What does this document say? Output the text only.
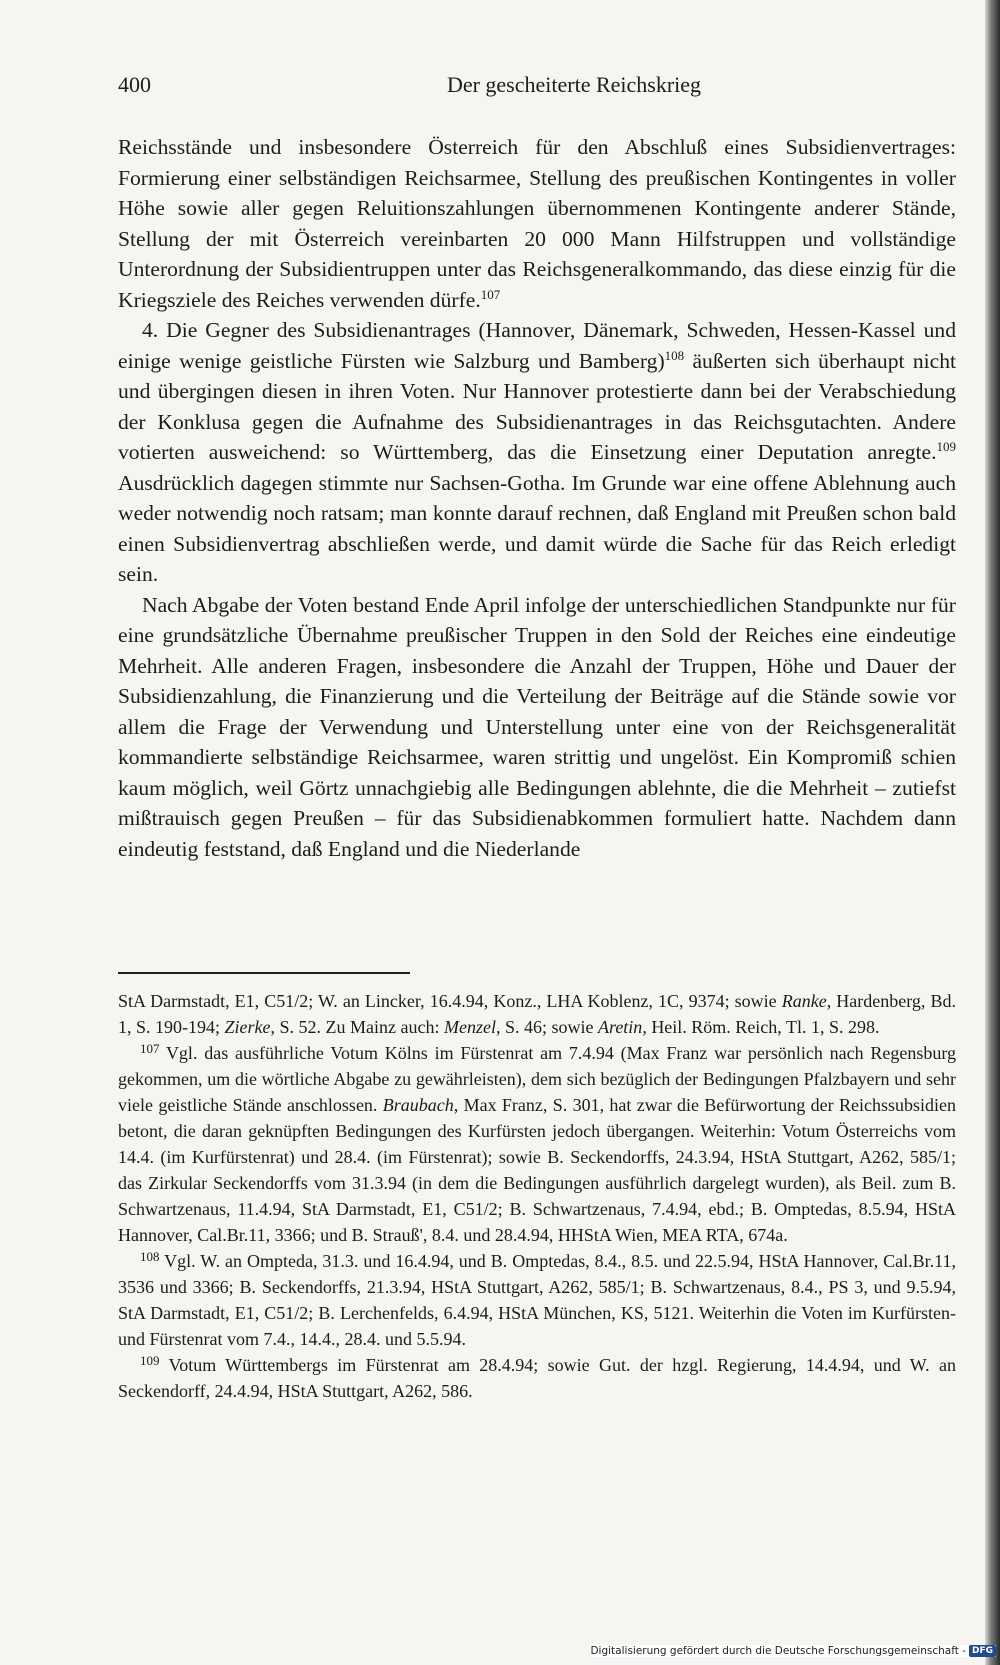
400	Der gescheiterte Reichskrieg

Reichsstände und insbesondere Österreich für den Abschluß eines Subsidienvertrages: Formierung einer selbständigen Reichsarmee, Stellung des preußischen Kontingentes in voller Höhe sowie aller gegen Reluitionszahlungen übernommenen Kontingente anderer Stände, Stellung der mit Österreich vereinbarten 20 000 Mann Hilfstruppen und vollständige Unterordnung der Subsidientruppen unter das Reichsgeneralkommando, das diese einzig für die Kriegsziele des Reiches verwenden dürfe.$^{107}$

4. Die Gegner des Subsidienantrages (Hannover, Dänemark, Schweden, Hessen-Kassel und einige wenige geistliche Fürsten wie Salzburg und Bamberg)$^{108}$ äußerten sich überhaupt nicht und übergingen diesen in ihren Voten. Nur Hannover protestierte dann bei der Verabschiedung der Konklusa gegen die Aufnahme des Subsidienantrages in das Reichsgutachten. Andere votierten ausweichend: so Württemberg, das die Einsetzung einer Deputation anregte.$^{109}$ Ausdrücklich dagegen stimmte nur Sachsen-Gotha. Im Grunde war eine offene Ablehnung auch weder notwendig noch ratsam; man konnte darauf rechnen, daß England mit Preußen schon bald einen Subsidienvertrag abschließen werde, und damit würde die Sache für das Reich erledigt sein.

Nach Abgabe der Voten bestand Ende April infolge der unterschiedlichen Standpunkte nur für eine grundsätzliche Übernahme preußischer Truppen in den Sold der Reiches eine eindeutige Mehrheit. Alle anderen Fragen, insbesondere die Anzahl der Truppen, Höhe und Dauer der Subsidienzahlung, die Finanzierung und die Verteilung der Beiträge auf die Stände sowie vor allem die Frage der Verwendung und Unterstellung unter eine von der Reichsgeneralität kommandierte selbständige Reichsarmee, waren strittig und ungelöst. Ein Kompromiß schien kaum möglich, weil Görtz unnachgiebig alle Bedingungen ablehnte, die die Mehrheit – zutiefst mißtrauisch gegen Preußen – für das Subsidienabkommen formuliert hatte. Nachdem dann eindeutig feststand, daß England und die Niederlande

StA Darmstadt, E1, C51/2; W. an Lincker, 16.4.94, Konz., LHA Koblenz, 1C, 9374; sowie Ranke, Hardenberg, Bd. 1, S. 190-194; Zierke, S. 52. Zu Mainz auch: Menzel, S. 46; sowie Aretin, Heil. Röm. Reich, Tl. 1, S. 298.

$^{107}$ Vgl. das ausführliche Votum Kölns im Fürstenrat am 7.4.94 (Max Franz war persönlich nach Regensburg gekommen, um die wörtliche Abgabe zu gewährleisten), dem sich bezüglich der Bedingungen Pfalzbayern und sehr viele geistliche Stände anschlossen. Braubach, Max Franz, S. 301, hat zwar die Befürwortung der Reichssubsidien betont, die daran geknüpften Bedingungen des Kurfürsten jedoch übergangen. Weiterhin: Votum Österreichs vom 14.4. (im Kurfürstenrat) und 28.4. (im Fürstenrat); sowie B. Seckendorffs, 24.3.94, HStA Stuttgart, A262, 585/1; das Zirkular Seckendorffs vom 31.3.94 (in dem die Bedingungen ausführlich dargelegt wurden), als Beil. zum B. Schwartzenaus, 11.4.94, StA Darmstadt, E1, C51/2; B. Schwartzenaus, 7.4.94, ebd.; B. Omptedas, 8.5.94, HStA Hannover, Cal.Br.11, 3366; und B. Strauß', 8.4. und 28.4.94, HHStA Wien, MEA RTA, 674a.

$^{108}$ Vgl. W. an Ompteda, 31.3. und 16.4.94, und B. Omptedas, 8.4., 8.5. und 22.5.94, HStA Hannover, Cal.Br.11, 3536 und 3366; B. Seckendorffs, 21.3.94, HStA Stuttgart, A262, 585/1; B. Schwartzenaus, 8.4., PS 3, und 9.5.94, StA Darmstadt, E1, C51/2; B. Lerchenfelds, 6.4.94, HStA München, KS, 5121. Weiterhin die Voten im Kurfürsten- und Fürstenrat vom 7.4., 14.4., 28.4. und 5.5.94.

$^{109}$ Votum Württembergs im Fürstenrat am 28.4.94; sowie Gut. der hzgl. Regierung, 14.4.94, und W. an Seckendorff, 24.4.94, HStA Stuttgart, A262, 586.

Digitalisierung gefördert durch die Deutsche Forschungsgemeinschaft - DFG
